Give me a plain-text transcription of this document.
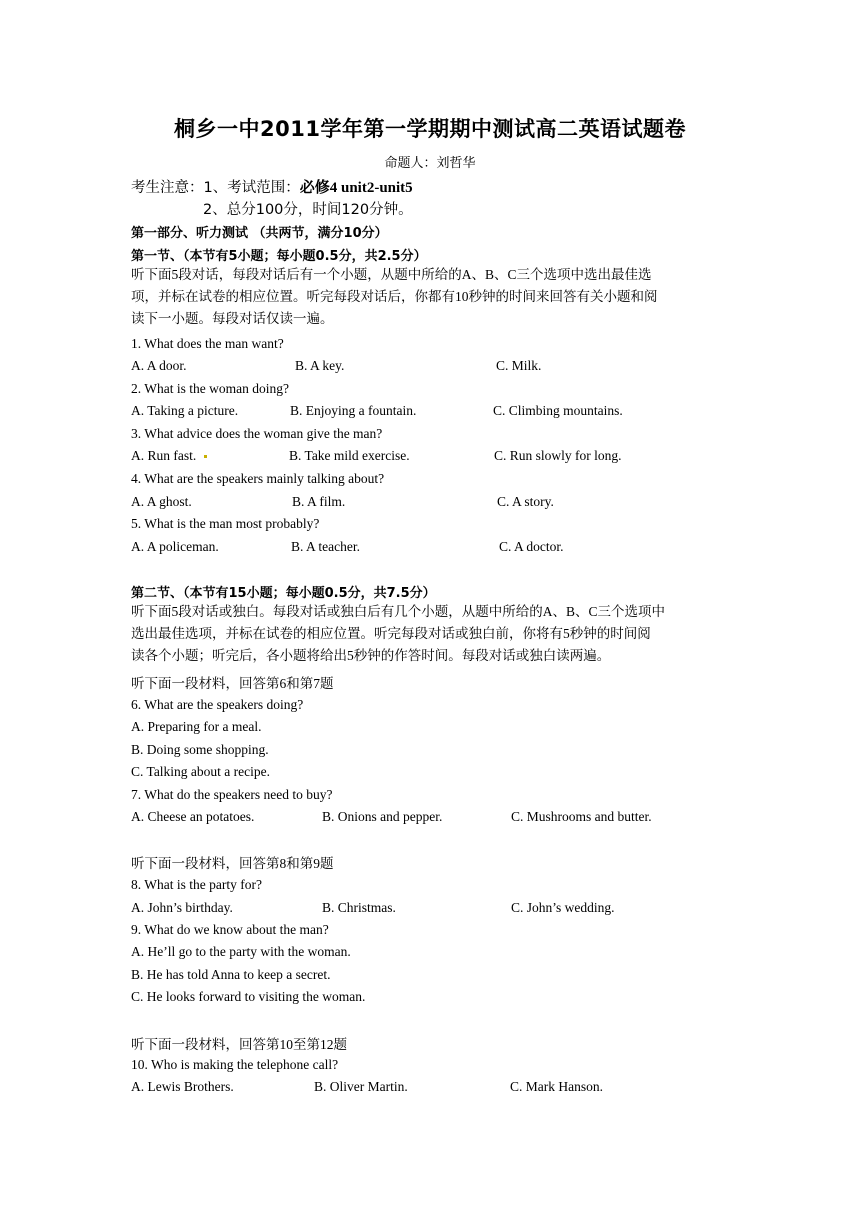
桐乡一中2011学年第一学期期中测试高二英语试题卷
命题人：刘哲华
考生注意：1、考试范围：必修4 unit2-unit5
2、总分100分，时间120分钟。
第一部分、听力测试 （共两节，满分10分）
第一节、（本节有5小题；每小题0.5分，共2.5分）
听下面5段对话，每段对话后有一个小题，从题中所给的A、B、C三个选项中选出最佳选
项，并标在试卷的相应位置。听完每段对话后，你都有10秒钟的时间来回答有关小题和阅
读下一小题。每段对话仅读一遍。
1. What does the man want?
A. A door.	B. A key.	C. Milk.
2. What is the woman doing?
A. Taking a picture.	B. Enjoying a fountain.	C. Climbing mountains.
3. What advice does the woman give the man?
A. Run fast.	B. Take mild exercise.	C. Run slowly for long.
4. What are the speakers mainly talking about?
A. A ghost.	B. A film.	C. A story.
5. What is the man most probably?
A. A policeman.	B. A teacher.	C. A doctor.
第二节、（本节有15小题；每小题0.5分，共7.5分）
听下面5段对话或独白。每段对话或独白后有几个小题，从题中所给的A、B、C三个选项中
选出最佳选项，并标在试卷的相应位置。听完每段对话或独白前，你将有5秒钟的时间阅
读各个小题；听完后，各小题将给出5秒钟的作答时间。每段对话或独白读两遍。
听下面一段材料，回答第6和第7题
6. What are the speakers doing?
A. Preparing for a meal.
B. Doing some shopping.
C. Talking about a recipe.
7. What do the speakers need to buy?
A. Cheese an potatoes.	B. Onions and pepper.	C. Mushrooms and butter.
听下面一段材料，回答第8和第9题
8. What is the party for?
A. John’s birthday.	B. Christmas.	C. John’s wedding.
9. What do we know about the man?
A. He’ll go to the party with the woman.
B. He has told Anna to keep a secret.
C. He looks forward to visiting the woman.
听下面一段材料，回答第10至第12题
10. Who is making the telephone call?
A. Lewis Brothers.	B. Oliver Martin.	C. Mark Hanson.
